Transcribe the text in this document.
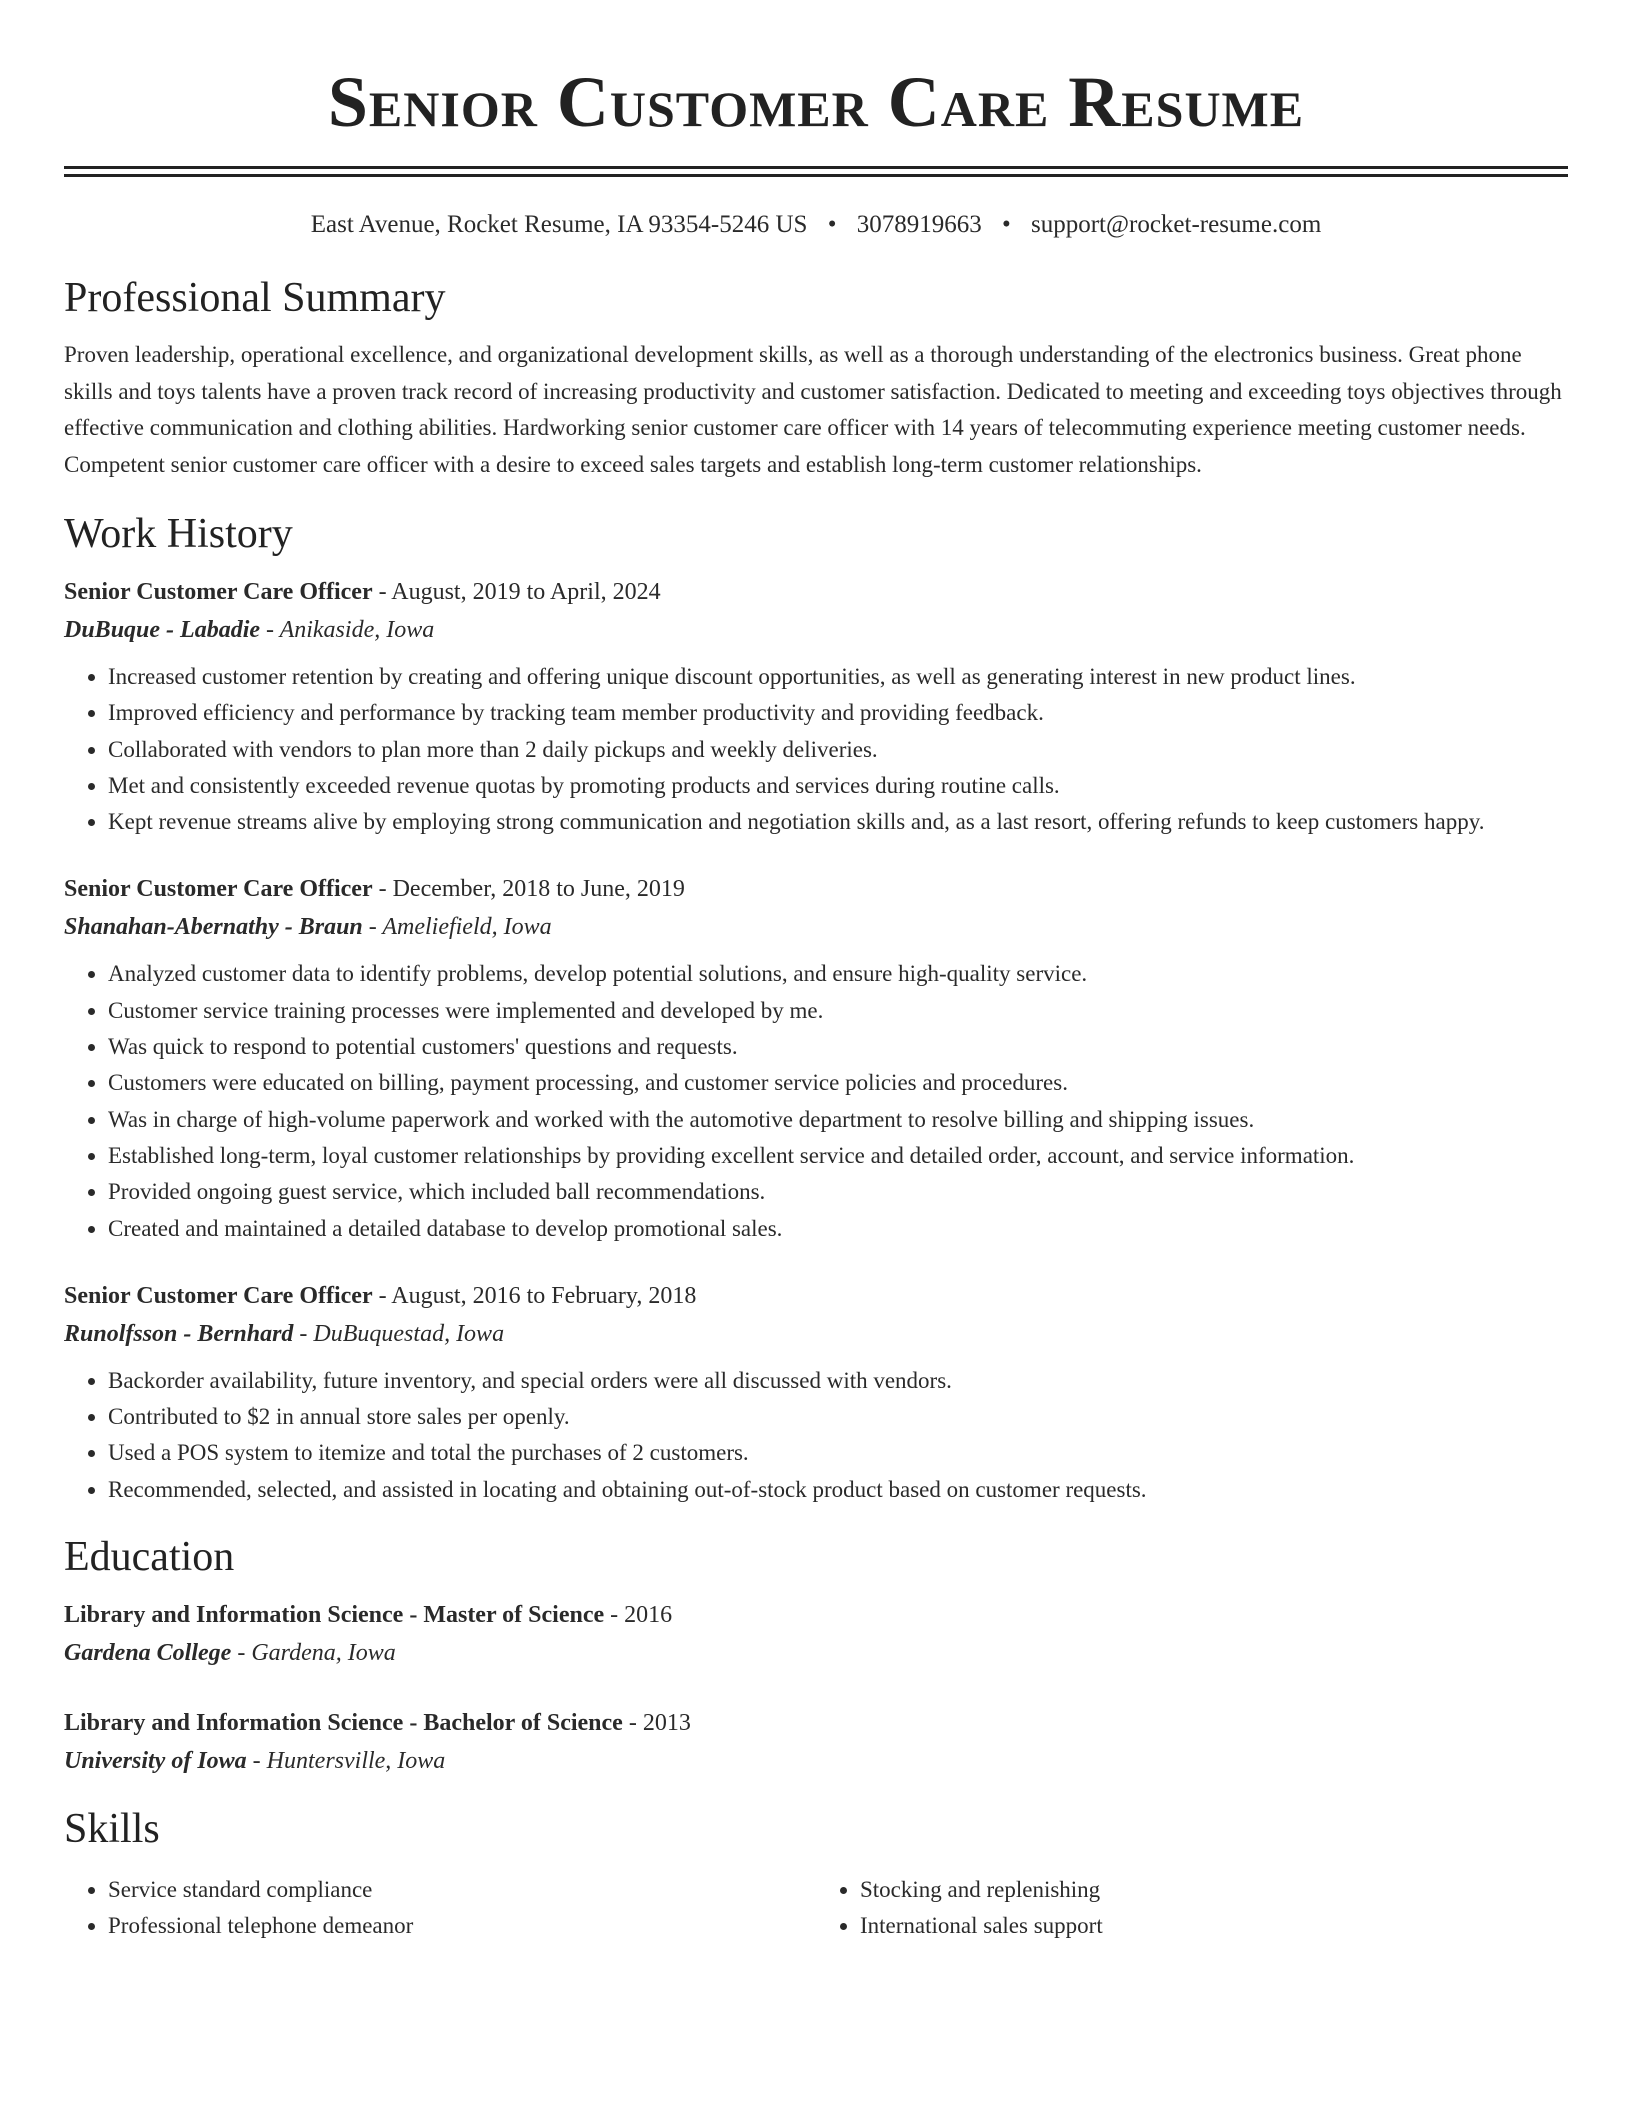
Senior Customer Care Resume
East Avenue, Rocket Resume, IA 93354-5246 US • 3078919663 • support@rocket-resume.com
Professional Summary

Proven leadership, operational excellence, and organizational development skills, as well as a thorough understanding of the electronics business. Great phone skills and toys talents have a proven track record of increasing productivity and customer satisfaction. Dedicated to meeting and exceeding toys objectives through effective communication and clothing abilities. Hardworking senior customer care officer with 14 years of telecommuting experience meeting customer needs. Competent senior customer care officer with a desire to exceed sales targets and establish long-term customer relationships.

Work History
Senior Customer Care Officer - August, 2019 to April, 2024
DuBuque - Labadie - Anikaside, Iowa
• Increased customer retention by creating and offering unique discount opportunities, as well as generating interest in new product lines.
• Improved efficiency and performance by tracking team member productivity and providing feedback.
• Collaborated with vendors to plan more than 2 daily pickups and weekly deliveries.
• Met and consistently exceeded revenue quotas by promoting products and services during routine calls.
• Kept revenue streams alive by employing strong communication and negotiation skills and, as a last resort, offering refunds to keep customers happy.
Senior Customer Care Officer - December, 2018 to June, 2019
Shanahan-Abernathy - Braun - Ameliefield, Iowa
• Analyzed customer data to identify problems, develop potential solutions, and ensure high-quality service.
• Customer service training processes were implemented and developed by me.
• Was quick to respond to potential customers' questions and requests.
• Customers were educated on billing, payment processing, and customer service policies and procedures.
• Was in charge of high-volume paperwork and worked with the automotive department to resolve billing and shipping issues.
• Established long-term, loyal customer relationships by providing excellent service and detailed order, account, and service information.
• Provided ongoing guest service, which included ball recommendations.
• Created and maintained a detailed database to develop promotional sales.
Senior Customer Care Officer - August, 2016 to February, 2018
Runolfsson - Bernhard - DuBuquestad, Iowa
• Backorder availability, future inventory, and special orders were all discussed with vendors.
• Contributed to $2 in annual store sales per openly.
• Used a POS system to itemize and total the purchases of 2 customers.
• Recommended, selected, and assisted in locating and obtaining out-of-stock product based on customer requests.
Education
Library and Information Science - Master of Science - 2016
Gardena College - Gardena, Iowa
Library and Information Science - Bachelor of Science - 2013
University of Iowa - Huntersville, Iowa
Skills
• Service standard compliance
• Professional telephone demeanor
• Stocking and replenishing
• International sales support
